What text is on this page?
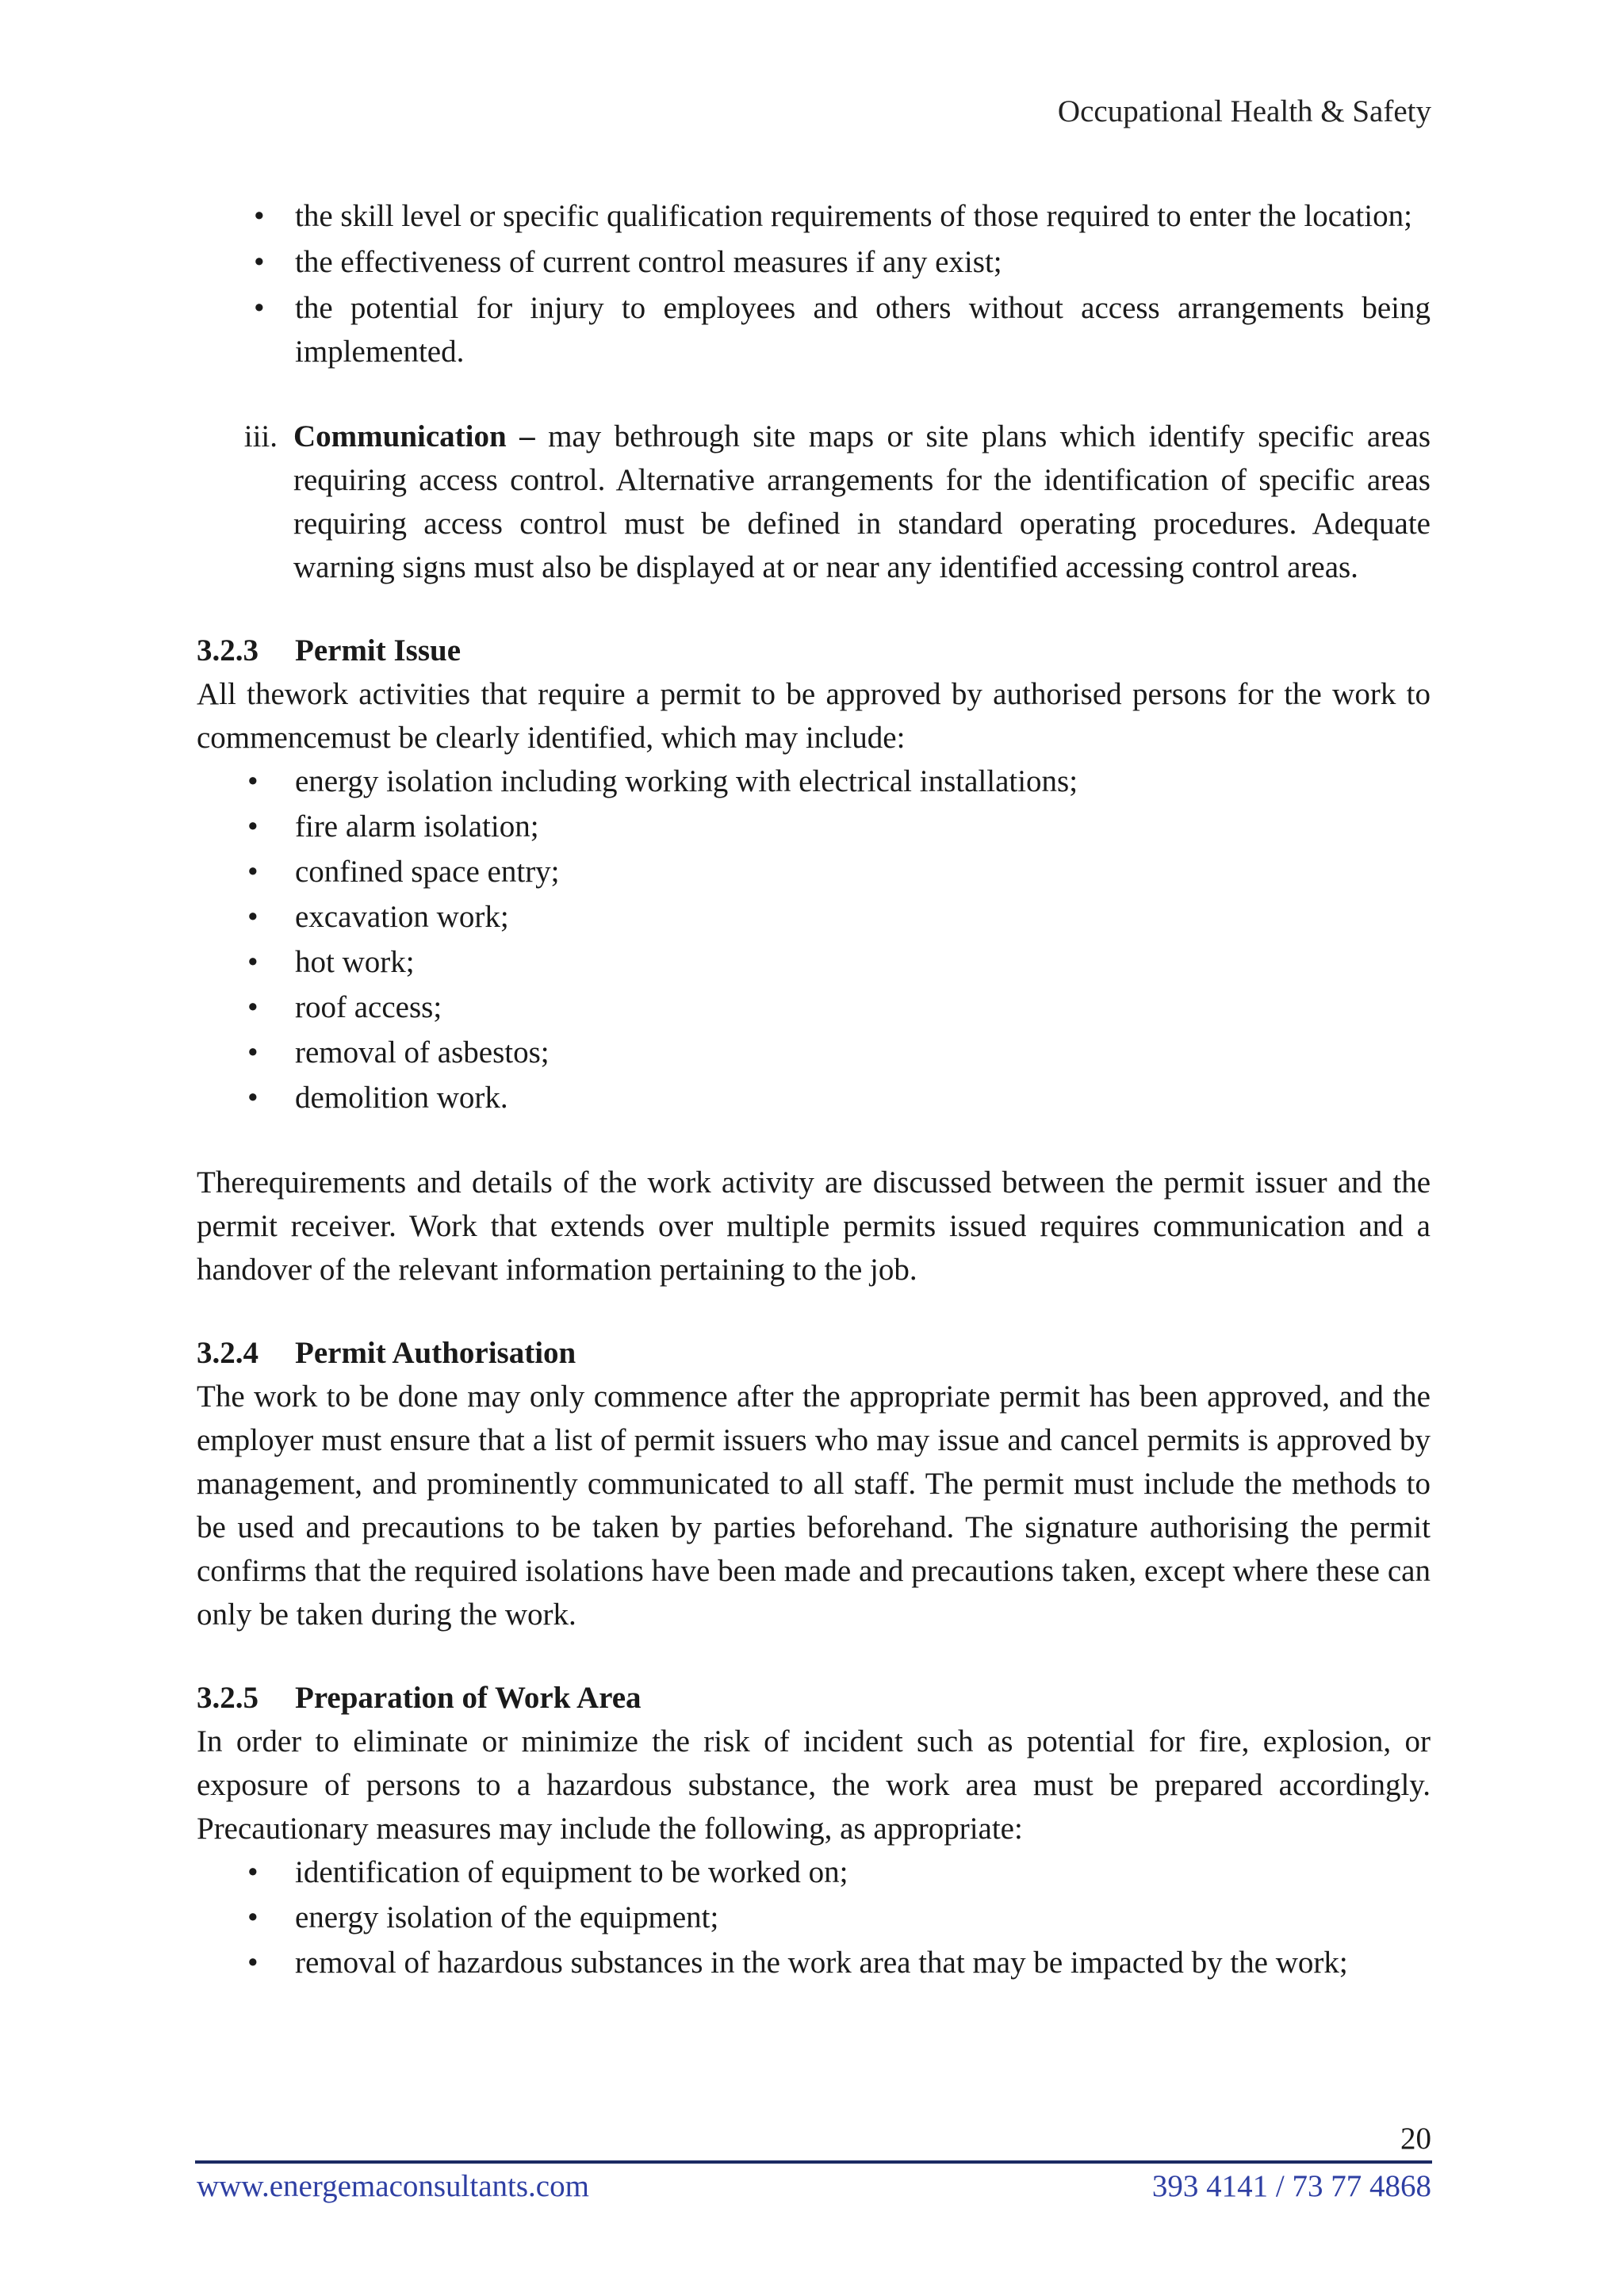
Occupational Health & Safety
• the skill level or specific qualification requirements of those required to enter the location;
• the effectiveness of current control measures if any exist;
• the potential for injury to employees and others without access arrangements being implemented.
iii. Communication – may bethrough site maps or site plans which identify specific areas requiring access control. Alternative arrangements for the identification of specific areas requiring access control must be defined in standard operating procedures. Adequate warning signs must also be displayed at or near any identified accessing control areas.
3.2.3 Permit Issue

All thework activities that require a permit to be approved by authorised persons for the work to commencemust be clearly identified, which may include:

• energy isolation including working with electrical installations;
• fire alarm isolation;
• confined space entry;
• excavation work;
• hot work;
• roof access;
• removal of asbestos;
• demolition work.

Therequirements and details of the work activity are discussed between the permit issuer and the permit receiver. Work that extends over multiple permits issued requires communication and a handover of the relevant information pertaining to the job.

3.2.4 Permit Authorisation

The work to be done may only commence after the appropriate permit has been approved, and the employer must ensure that a list of permit issuers who may issue and cancel permits is approved by management, and prominently communicated to all staff. The permit must include the methods to be used and precautions to be taken by parties beforehand. The signature authorising the permit confirms that the required isolations have been made and precautions taken, except where these can only be taken during the work.

3.2.5 Preparation of Work Area

In order to eliminate or minimize the risk of incident such as potential for fire, explosion, or exposure of persons to a hazardous substance, the work area must be prepared accordingly. Precautionary measures may include the following, as appropriate:

• identification of equipment to be worked on;
• energy isolation of the equipment;
• removal of hazardous substances in the work area that may be impacted by the work;
20
www.energemaconsultants.com	393 4141 / 73 77 4868
